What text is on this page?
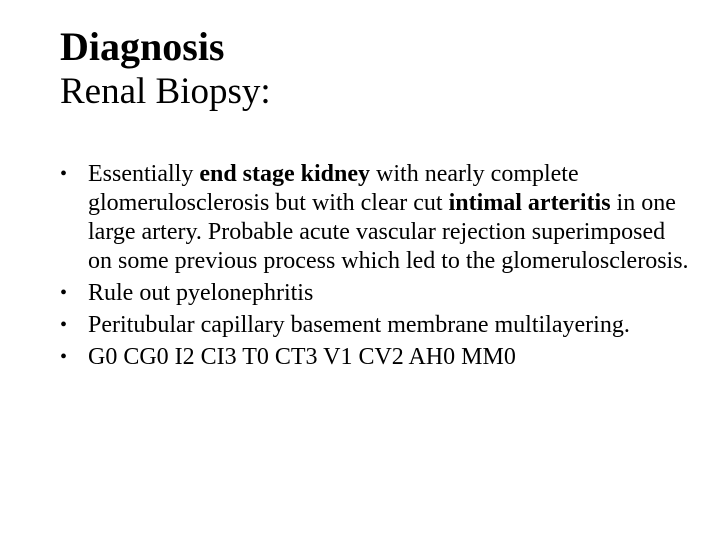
Diagnosis
Renal Biopsy:
• Essentially end stage kidney with nearly complete glomerulosclerosis but with clear cut intimal arteritis in one large artery. Probable acute vascular rejection superimposed on some previous process which led to the glomerulosclerosis.
• Rule out pyelonephritis
• Peritubular capillary basement membrane multilayering.
• G0 CG0 I2 CI3 T0 CT3 V1 CV2 AH0 MM0
